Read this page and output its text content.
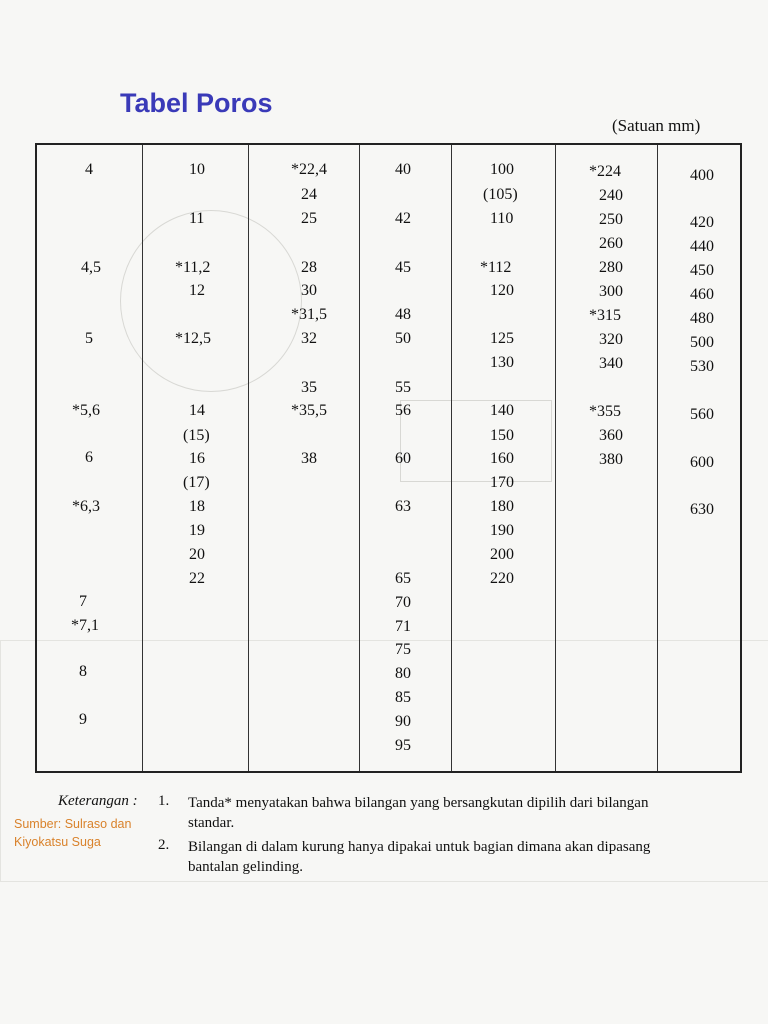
Tabel Poros
(Satuan mm)
4
4,5
5
*5,6
6
*6,3
7
*7,1
8
9
10
11
*11,2
12
*12,5
14
(15)
16
(17)
18
19
20
22
*22,4
24
25
28
30
*31,5
32
35
*35,5
38
40
42
45
48
50
55
56
60
63
65
70
71
75
80
85
90
95
100
(105)
110
*112
120
125
130
140
150
160
170
180
190
200
220
*224
240
250
260
280
300
*315
320
340
*355
360
380
400
420
440
450
460
480
500
530
560
600
630
Keterangan : 1. Tanda* menyatakan bahwa bilangan yang bersangkutan dipilih dari bilangan
standar.
2. Bilangan di dalam kurung hanya dipakai untuk bagian dimana akan dipasang
bantalan gelinding.
Sumber: Sulraso dan
Kiyokatsu Suga
